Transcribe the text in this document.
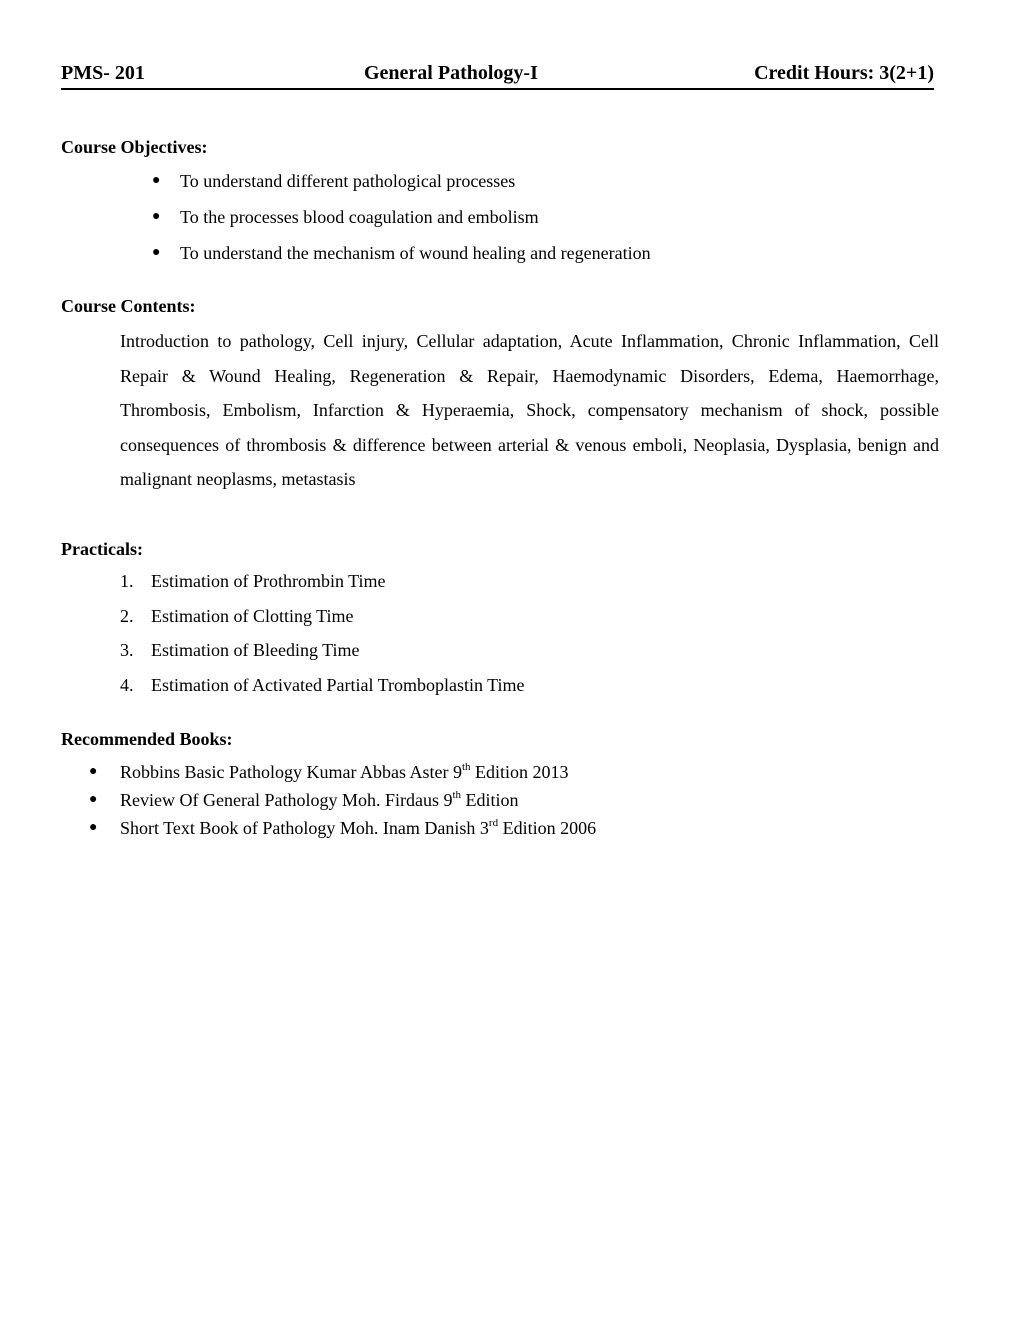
PMS- 201	General Pathology-I	Credit Hours: 3(2+1)
Course Objectives:
● To understand different pathological processes
● To the processes blood coagulation and embolism
● To understand the mechanism of wound healing and regeneration
Course Contents:

Introduction to pathology, Cell injury, Cellular adaptation, Acute Inflammation, Chronic Inflammation, Cell Repair & Wound Healing, Regeneration & Repair, Haemodynamic Disorders, Edema, Haemorrhage, Thrombosis, Embolism, Infarction & Hyperaemia, Shock, compensatory mechanism of shock, possible consequences of thrombosis & difference between arterial & venous emboli, Neoplasia, Dysplasia, benign and malignant neoplasms, metastasis

Practicals:
1. Estimation of Prothrombin Time
2. Estimation of Clotting Time
3. Estimation of Bleeding Time
4. Estimation of Activated Partial Tromboplastin Time
Recommended Books:
● Robbins Basic Pathology Kumar Abbas Aster 9th Edition 2013
● Review Of General Pathology Moh. Firdaus 9th Edition
● Short Text Book of Pathology Moh. Inam Danish 3rd Edition 2006
